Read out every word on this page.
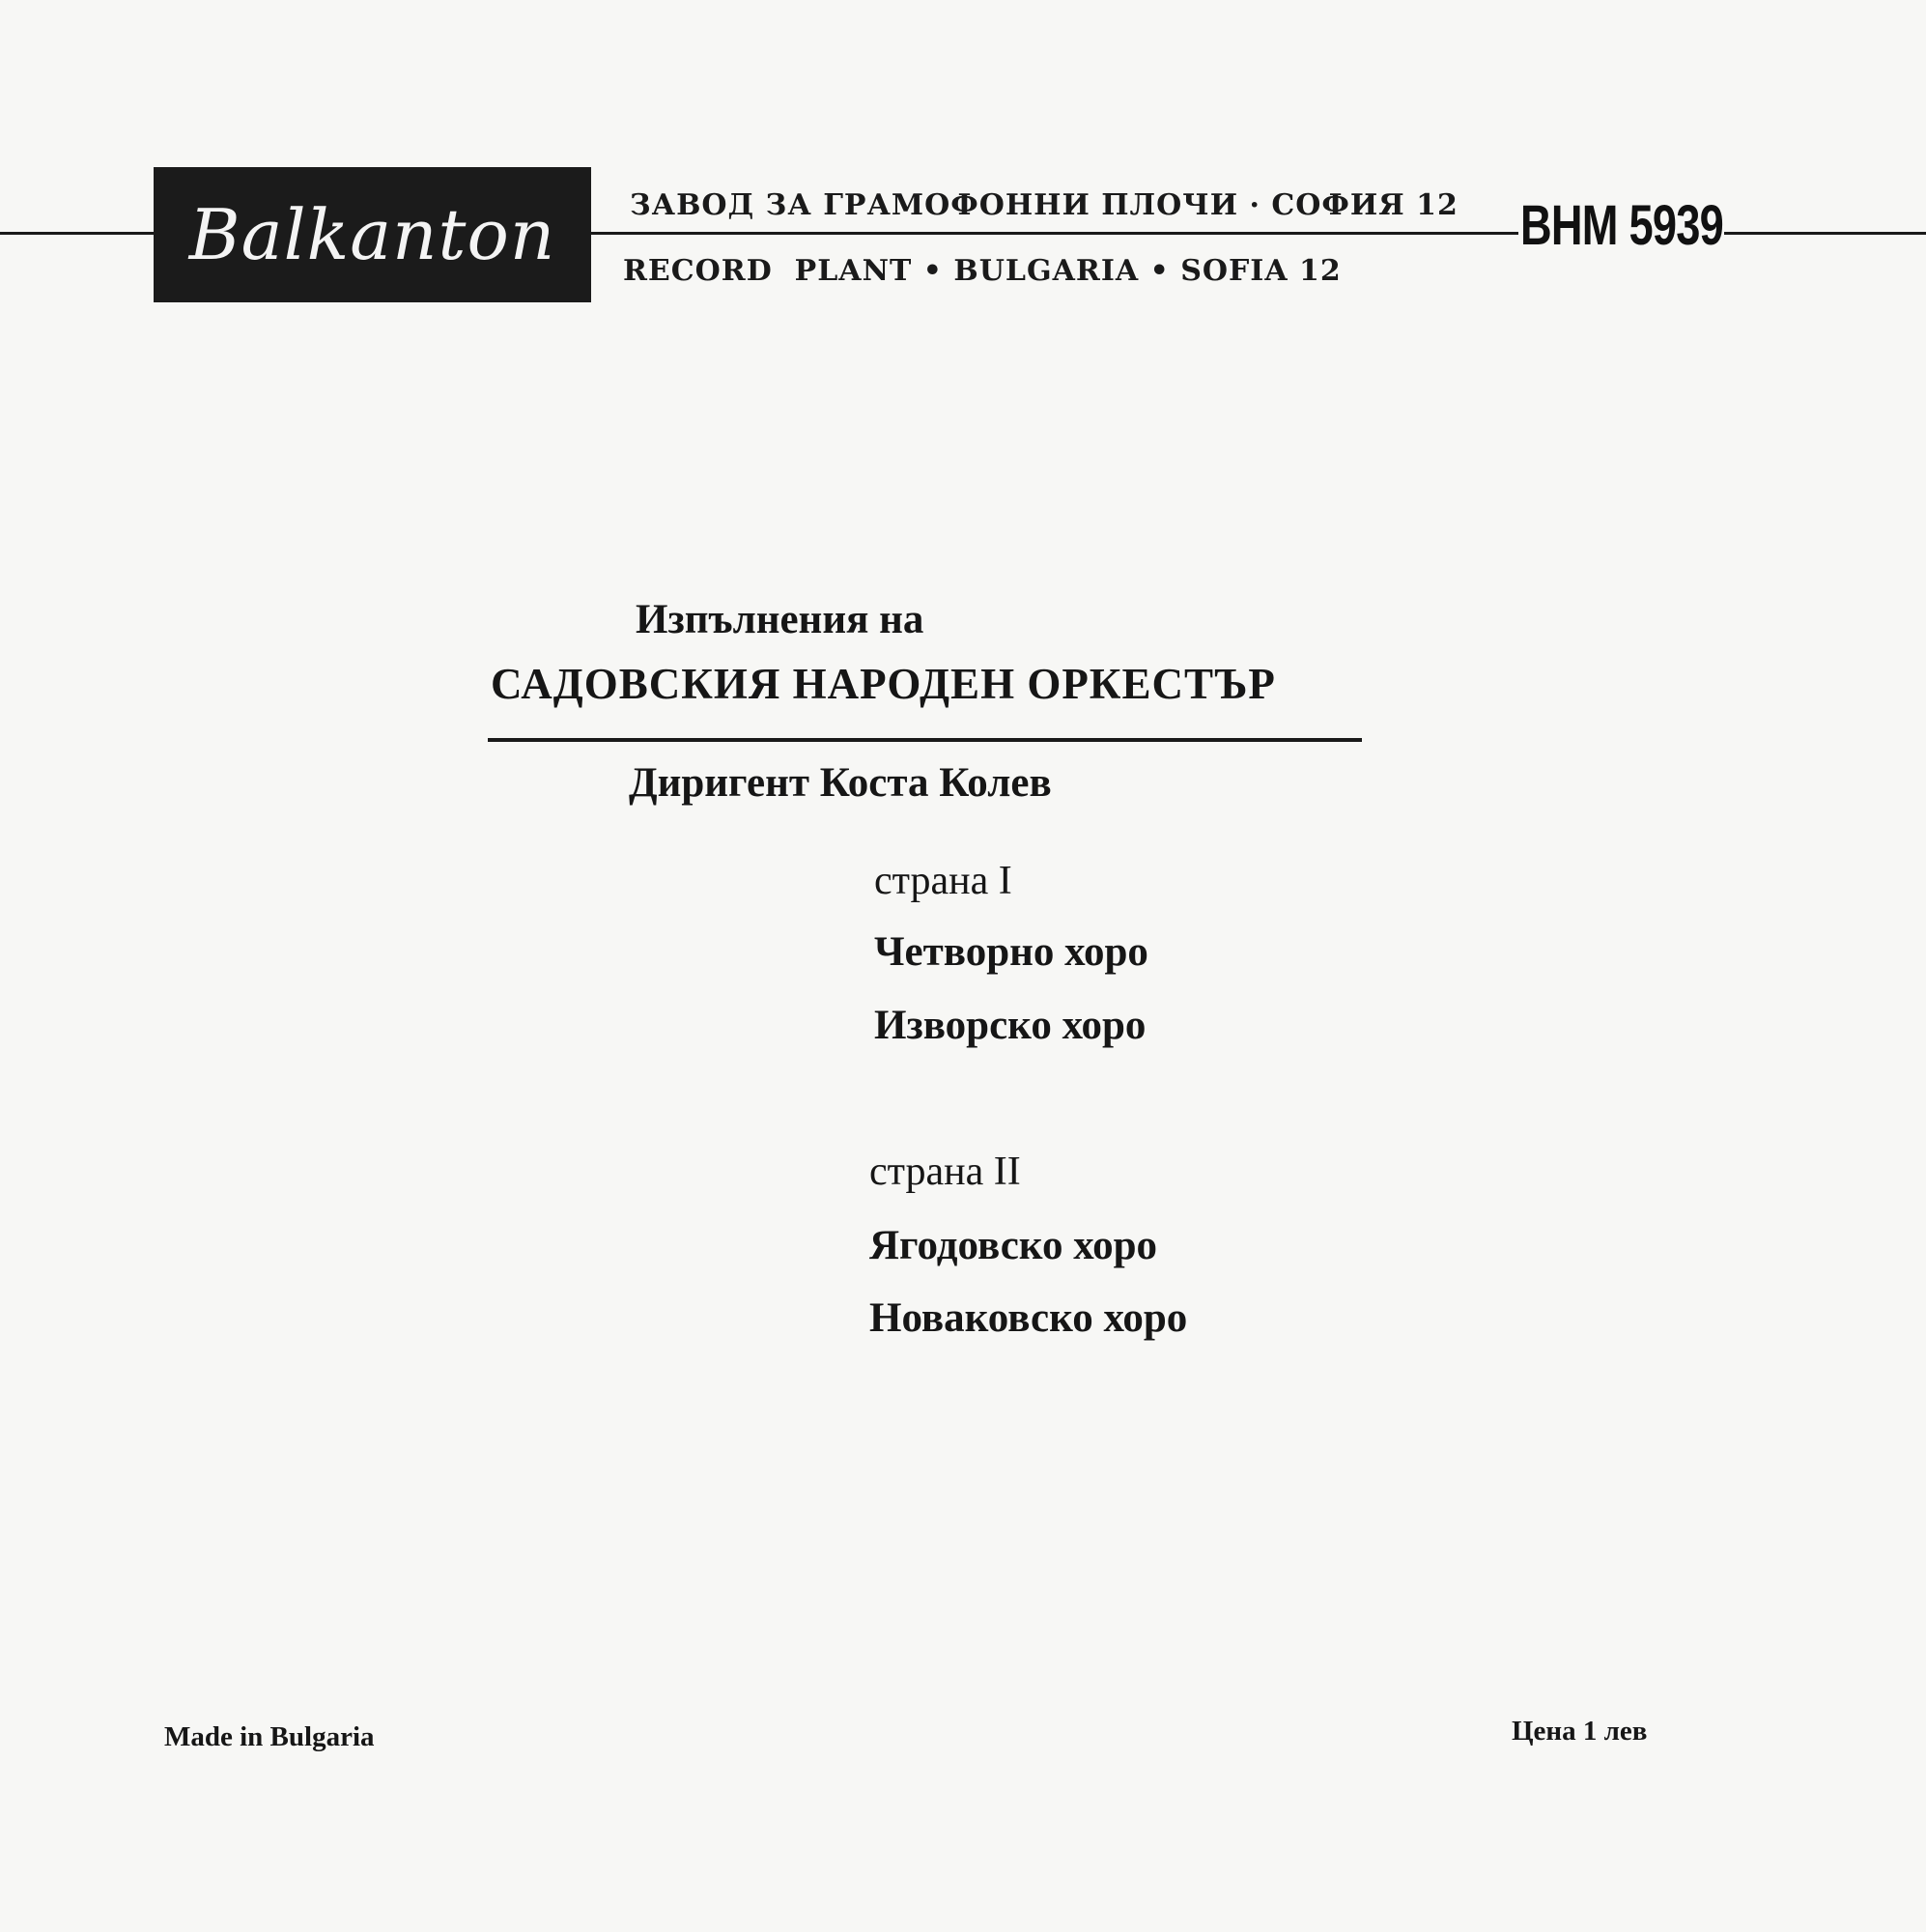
Balkanton	ЗАВОД ЗА ГРАМОФОННИ ПЛОЧИ · СОФИЯ 12
RECORD  PLANT • BULGARIA • SOFIA 12
ВНМ 5939
Изпълнения на
САДОВСКИЯ НАРОДЕН ОРКЕСТЪР
Диригент Коста Колев
страна I
Четворно хоро
Изворско хоро
страна II
Ягодовско хоро
Новаковско хоро
Made in Bulgaria	Цена 1 лев
